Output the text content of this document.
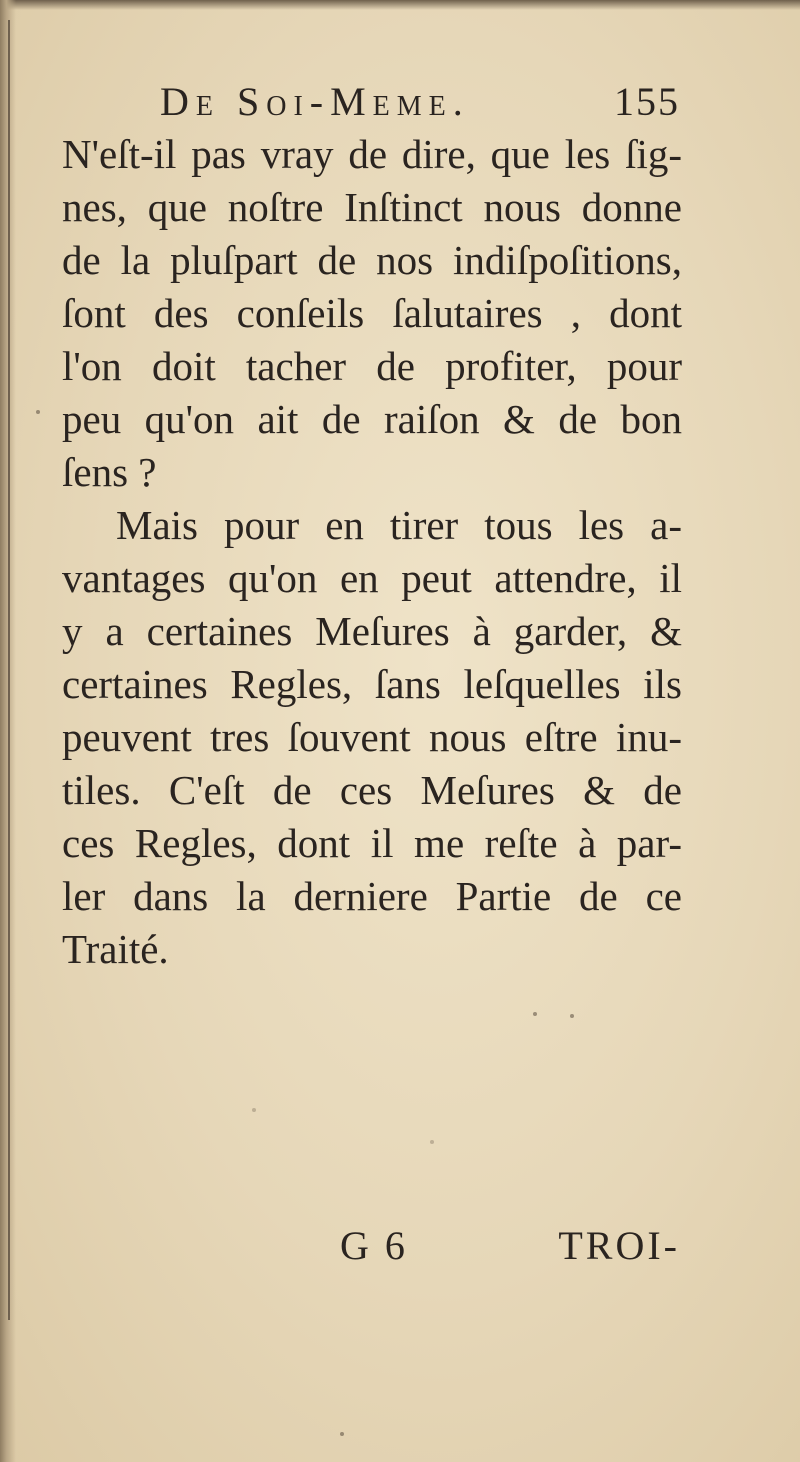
De Soi-Meme.	155
N'eſt-il pas vray de dire, que les ſig-
nes, que noſtre Inſtinct nous donne
de la pluſpart de nos indiſpoſitions,
ſont des conſeils ſalutaires , dont
l'on doit tacher de profiter, pour
peu qu'on ait de raiſon & de bon
ſens ?
Mais pour en tirer tous les a-
vantages qu'on en peut attendre, il
y a certaines Meſures à garder, &
certaines Regles, ſans leſquelles ils
peuvent tres ſouvent nous eſtre inu-
tiles. C'eſt de ces Meſures & de
ces Regles, dont il me reſte à par-
ler dans la derniere Partie de ce
Traité.
G 6	TROI-
